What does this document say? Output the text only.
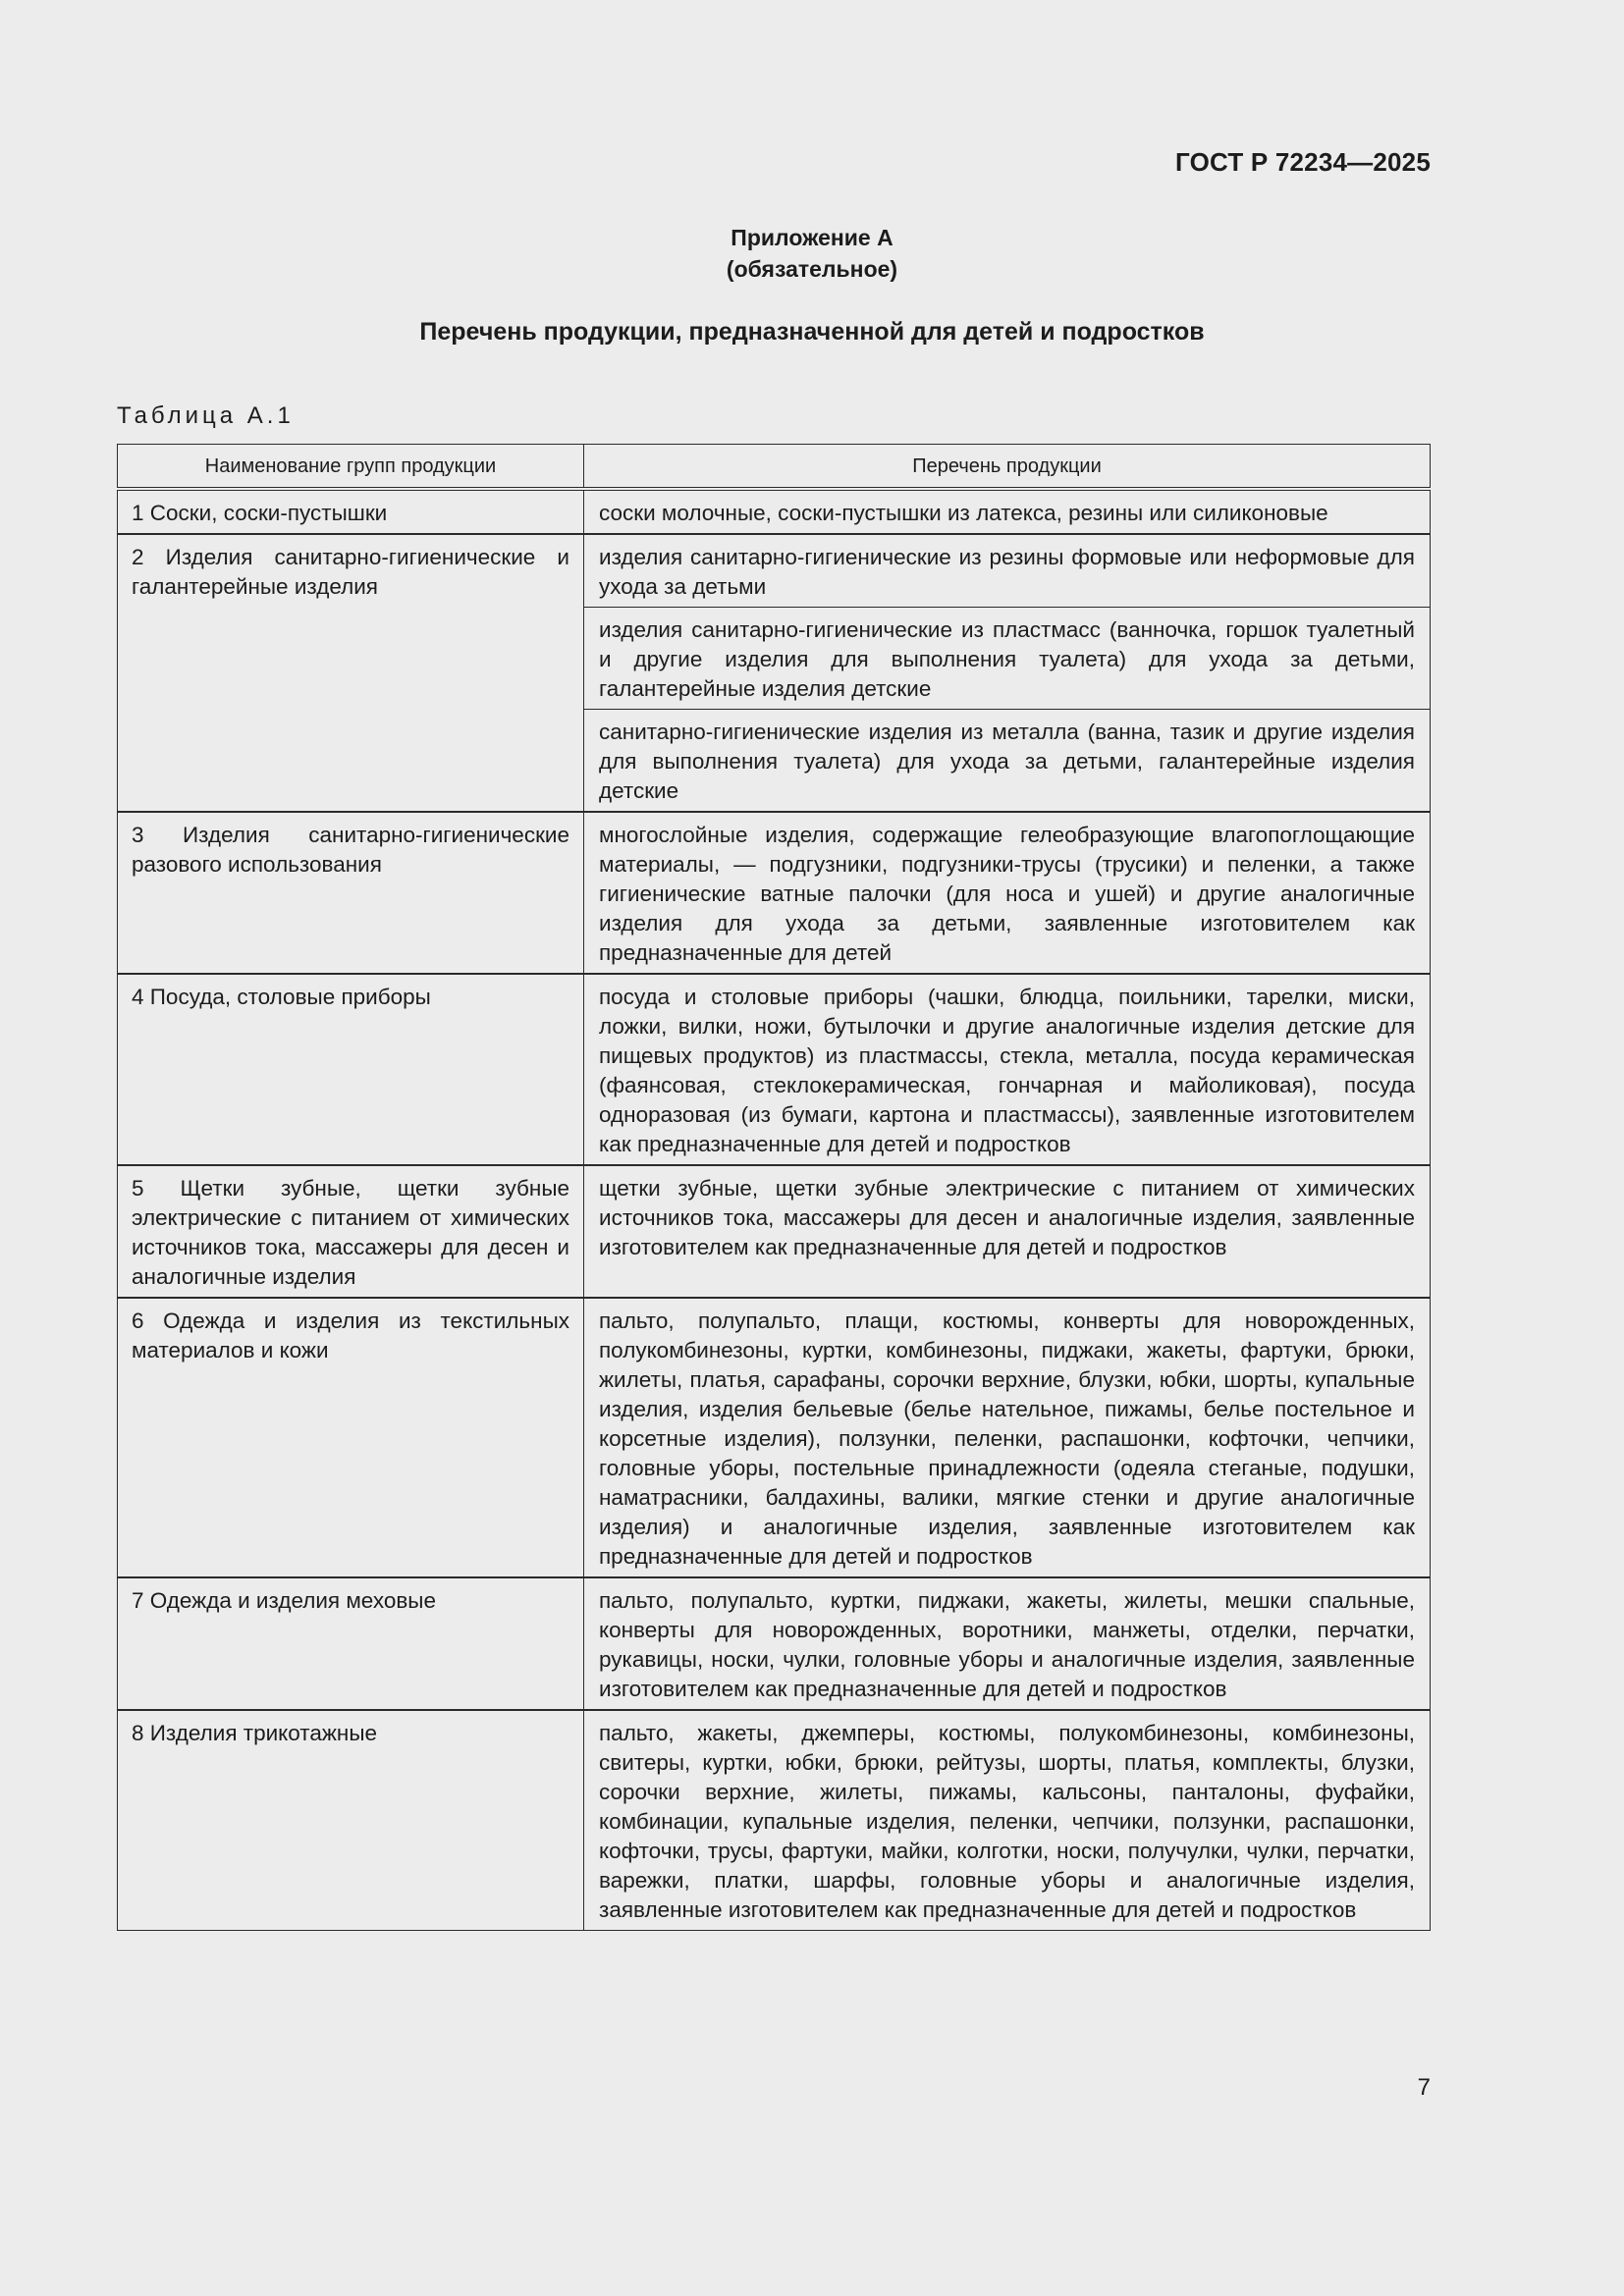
ГОСТ Р 72234—2025
Приложение А
(обязательное)
Перечень продукции, предназначенной для детей и подростков
Таблица А.1
Наименование групп продукции	Перечень продукции
1 Соски, соски-пустышки	соски молочные, соски-пустышки из латекса, резины или силиконовые
2 Изделия санитарно-гигиенические и галантерейные изделия	изделия санитарно-гигиенические из резины формовые или неформовые для ухода за детьми
	изделия санитарно-гигиенические из пластмасс (ванночка, горшок туалетный и другие изделия для выполнения туалета) для ухода за детьми, галантерейные изделия детские
	санитарно-гигиенические изделия из металла (ванна, тазик и другие изделия для выполнения туалета) для ухода за детьми, галантерейные изделия детские
3 Изделия санитарно-гигиенические разового использования	многослойные изделия, содержащие гелеобразующие влагопоглощающие материалы, — подгузники, подгузники-трусы (трусики) и пеленки, а также гигиенические ватные палочки (для носа и ушей) и другие аналогичные изделия для ухода за детьми, заявленные изготовителем как предназначенные для детей
4 Посуда, столовые приборы	посуда и столовые приборы (чашки, блюдца, поильники, тарелки, миски, ложки, вилки, ножи, бутылочки и другие аналогичные изделия детские для пищевых продуктов) из пластмассы, стекла, металла, посуда керамическая (фаянсовая, стеклокерамическая, гончарная и майоликовая), посуда одноразовая (из бумаги, картона и пластмассы), заявленные изготовителем как предназначенные для детей и подростков
5 Щетки зубные, щетки зубные электрические с питанием от химических источников тока, массажеры для десен и аналогичные изделия	щетки зубные, щетки зубные электрические с питанием от химических источников тока, массажеры для десен и аналогичные изделия, заявленные изготовителем как предназначенные для детей и подростков
6 Одежда и изделия из текстильных материалов и кожи	пальто, полупальто, плащи, костюмы, конверты для новорожденных, полукомбинезоны, куртки, комбинезоны, пиджаки, жакеты, фартуки, брюки, жилеты, платья, сарафаны, сорочки верхние, блузки, юбки, шорты, купальные изделия, изделия бельевые (белье нательное, пижамы, белье постельное и корсетные изделия), ползунки, пеленки, распашонки, кофточки, чепчики, головные уборы, постельные принадлежности (одеяла стеганые, подушки, наматрасники, балдахины, валики, мягкие стенки и другие аналогичные изделия) и аналогичные изделия, заявленные изготовителем как предназначенные для детей и подростков
7 Одежда и изделия меховые	пальто, полупальто, куртки, пиджаки, жакеты, жилеты, мешки спальные, конверты для новорожденных, воротники, манжеты, отделки, перчатки, рукавицы, носки, чулки, головные уборы и аналогичные изделия, заявленные изготовителем как предназначенные для детей и подростков
8 Изделия трикотажные	пальто, жакеты, джемперы, костюмы, полукомбинезоны, комбинезоны, свитеры, куртки, юбки, брюки, рейтузы, шорты, платья, комплекты, блузки, сорочки верхние, жилеты, пижамы, кальсоны, панталоны, фуфайки, комбинации, купальные изделия, пеленки, чепчики, ползунки, распашонки, кофточки, трусы, фартуки, майки, колготки, носки, получулки, чулки, перчатки, варежки, платки, шарфы, головные уборы и аналогичные изделия, заявленные изготовителем как предназначенные для детей и подростков
7
